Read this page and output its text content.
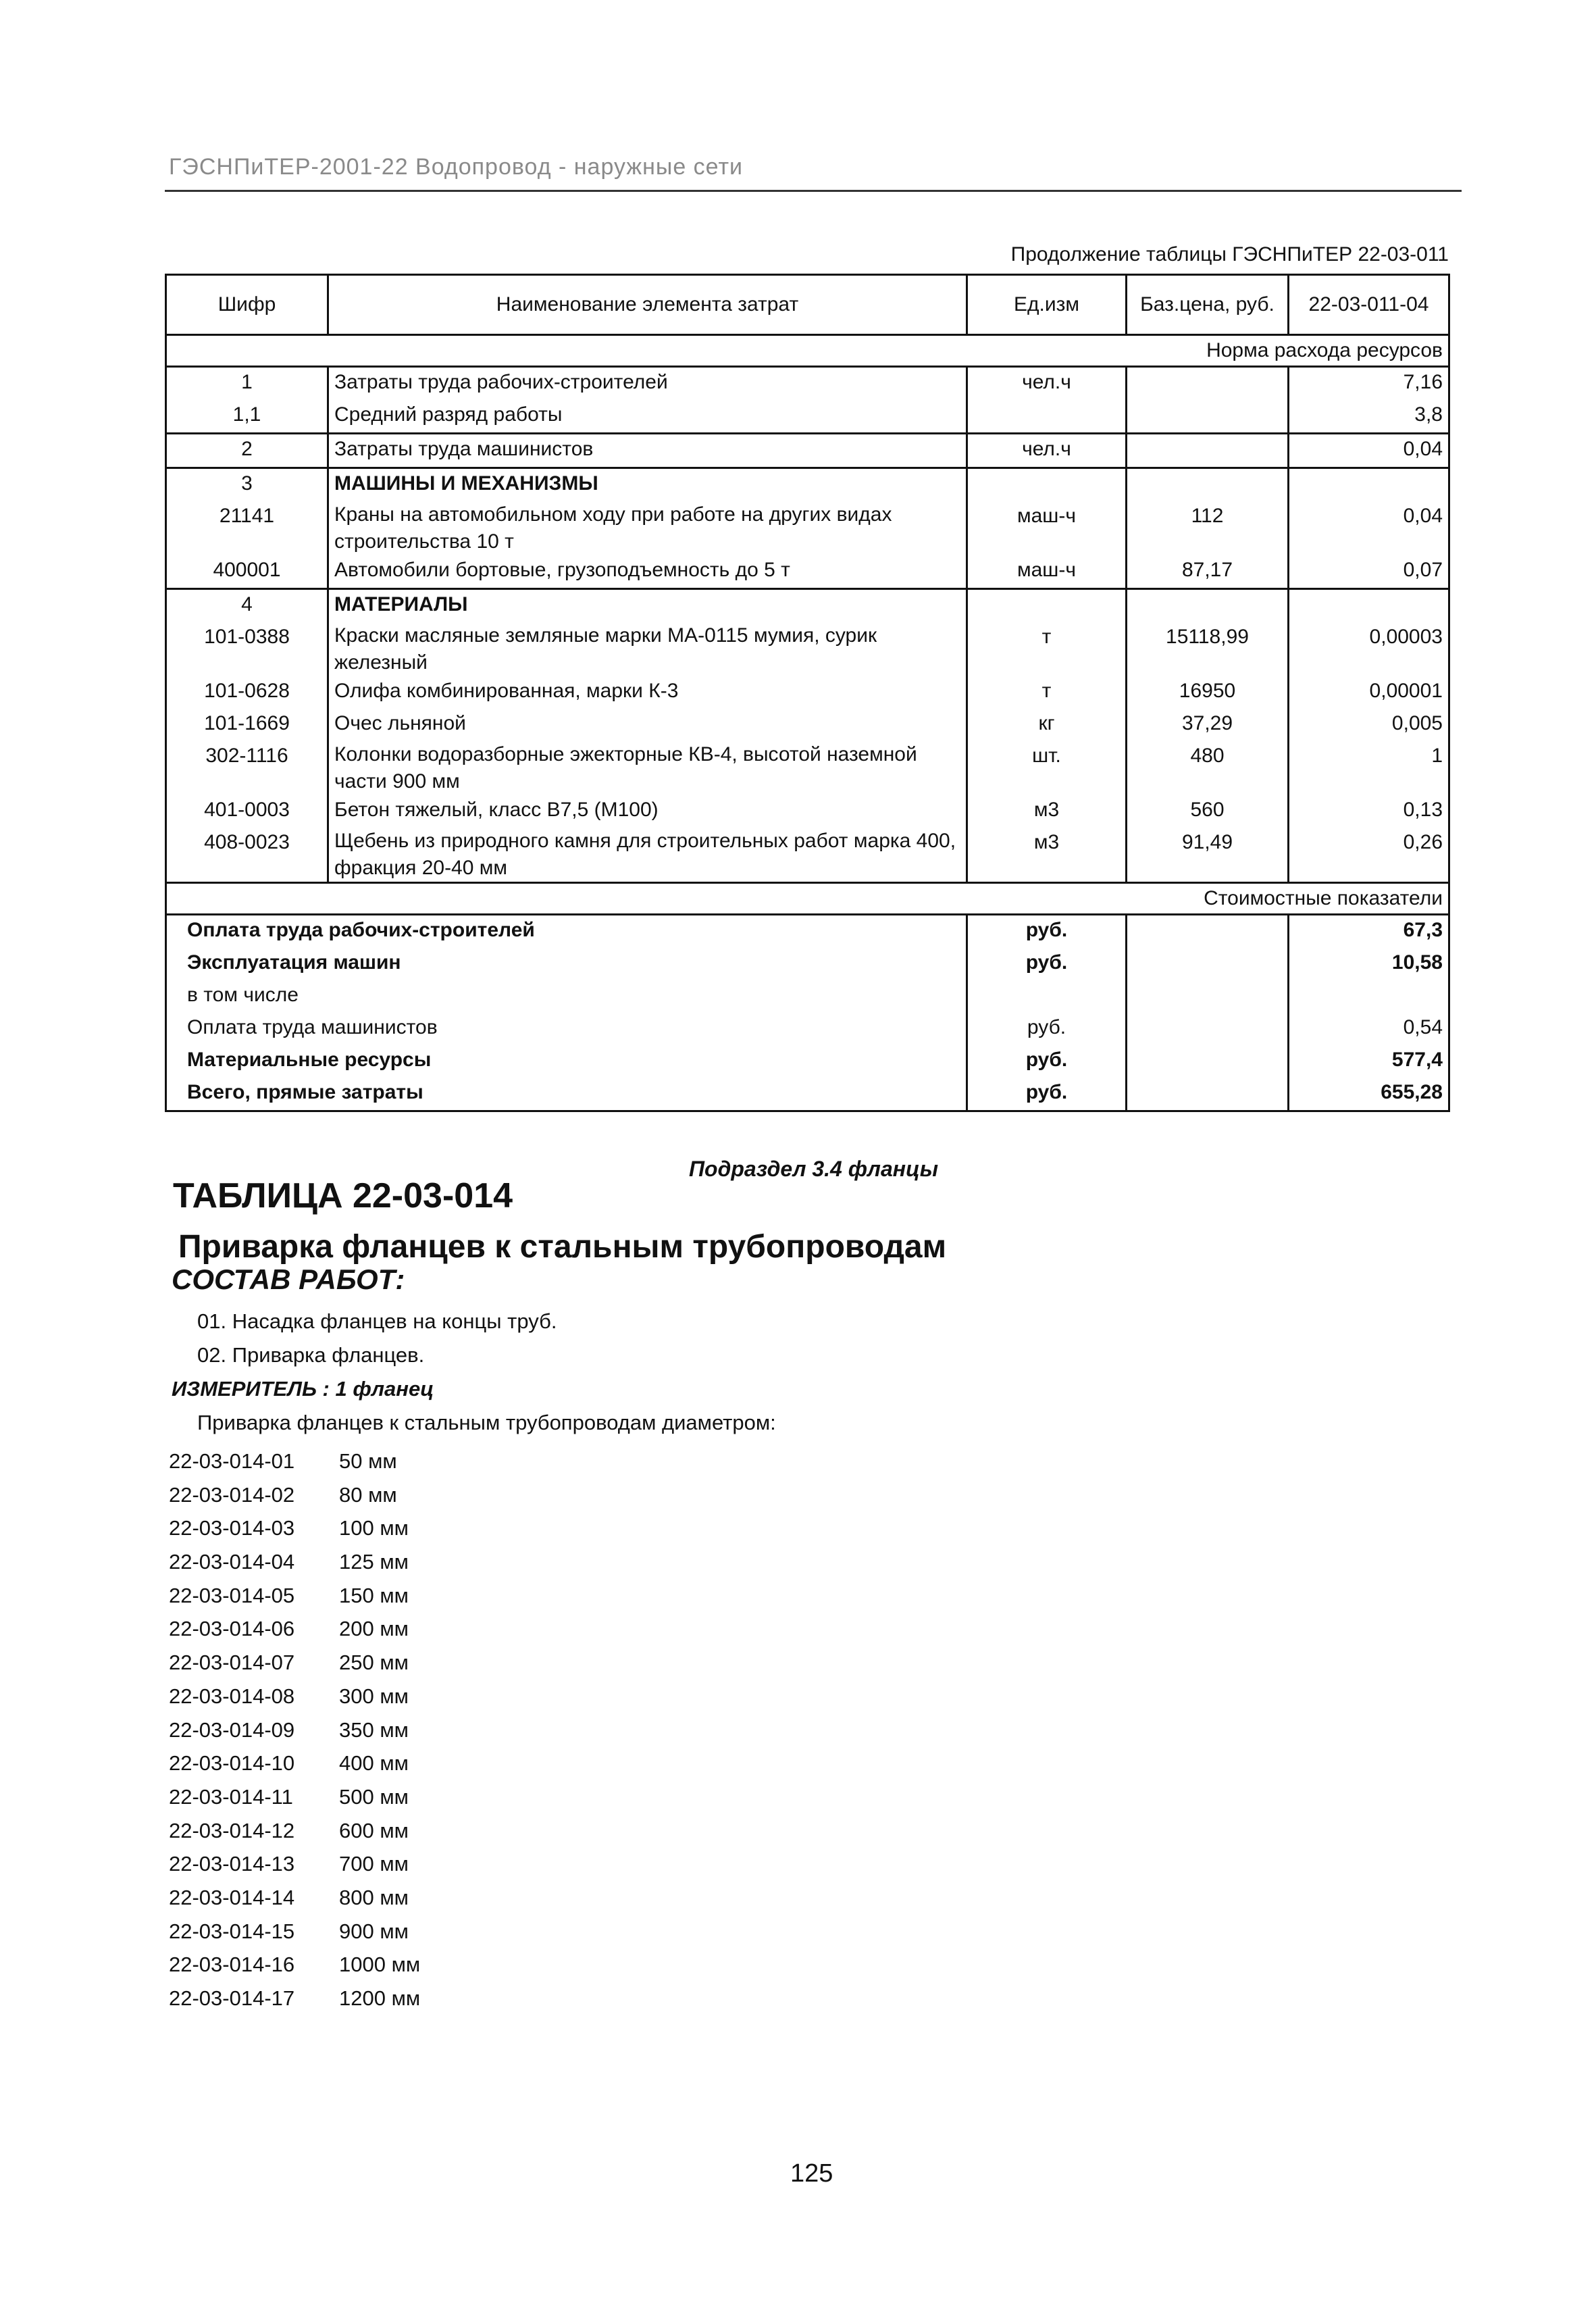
ГЭСНПиТЕР-2001-22 Водопровод - наружные сети
Продолжение таблицы ГЭСНПиТЕР 22-03-011
Шифр	Наименование элемента затрат	Ед.изм	Баз.цена, руб.	22-03-011-04
Норма расхода ресурсов				
1	Затраты труда рабочих-строителей	чел.ч		7,16
1,1	Средний разряд работы			3,8
2	Затраты труда машинистов	чел.ч		0,04
3	МАШИНЫ И МЕХАНИЗМЫ			
21141	Краны на автомобильном ходу при работе на других видах строительства 10 т	маш-ч	112	0,04
400001	Автомобили бортовые, грузоподъемность до 5 т	маш-ч	87,17	0,07
4	МАТЕРИАЛЫ			
101-0388	Краски масляные земляные марки МА-0115 мумия, сурик железный	т	15118,99	0,00003
101-0628	Олифа комбинированная, марки К-3	т	16950	0,00001
101-1669	Очес льняной	кг	37,29	0,005
302-1116	Колонки водоразборные эжекторные КВ-4, высотой наземной части 900 мм	шт.	480	1
401-0003	Бетон тяжелый, класс В7,5 (М100)	м3	560	0,13
408-0023	Щебень из природного камня для строительных работ марка 400, фракция 20-40 мм	м3	91,49	0,26
Стоимостные показатели				
Оплата труда рабочих-строителей		руб.		67,3
Эксплуатация машин		руб.		10,58
в том числе				
Оплата труда машинистов		руб.		0,54
Материальные ресурсы		руб.		577,4
Всего, прямые затраты		руб.		655,28
Подраздел 3.4 фланцы
ТАБЛИЦА 22-03-014
Приварка фланцев к стальным трубопроводам
СОСТАВ РАБОТ:
01. Насадка фланцев на концы труб.
02. Приварка фланцев.
ИЗМЕРИТЕЛЬ : 1 фланец
Приварка фланцев к стальным трубопроводам диаметром:
22-03-014-01 50 мм
22-03-014-02 80 мм
22-03-014-03 100 мм
22-03-014-04 125 мм
22-03-014-05 150 мм
22-03-014-06 200 мм
22-03-014-07 250 мм
22-03-014-08 300 мм
22-03-014-09 350 мм
22-03-014-10 400 мм
22-03-014-11 500 мм
22-03-014-12 600 мм
22-03-014-13 700 мм
22-03-014-14 800 мм
22-03-014-15 900 мм
22-03-014-16 1000 мм
22-03-014-17 1200 мм
125
